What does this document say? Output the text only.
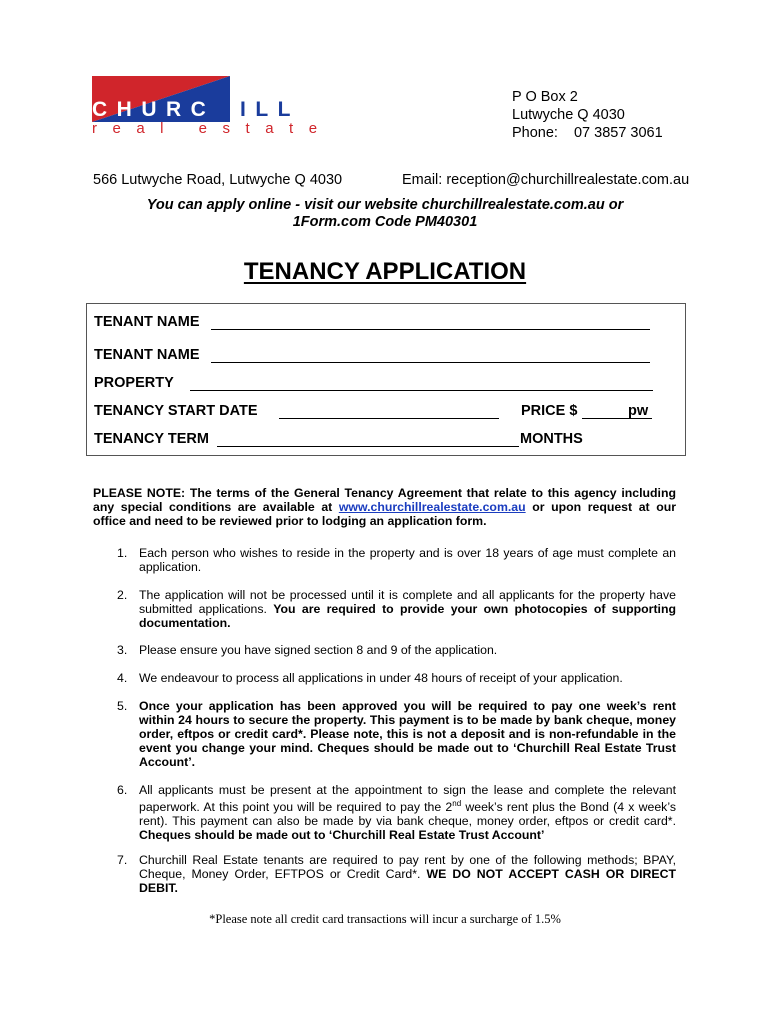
CHURCHILL
real estate
P O Box 2
Lutwyche Q 4030
Phone: 07 3857 3061
566 Lutwyche Road, Lutwyche Q 4030	Email: reception@churchillrealestate.com.au
You can apply online - visit our website churchillrealestate.com.au or
1Form.com Code PM40301
TENANCY APPLICATION
TENANT NAME
TENANT NAME
PROPERTY
TENANCY START DATE	PRICE $	pw
TENANCY TERM	MONTHS
PLEASE NOTE: The terms of the General Tenancy Agreement that relate to this agency including any special conditions are available at www.churchillrealestate.com.au or upon request at our office and need to be reviewed prior to lodging an application form.
1. Each person who wishes to reside in the property and is over 18 years of age must complete an application.
2. The application will not be processed until it is complete and all applicants for the property have submitted applications. You are required to provide your own photocopies of supporting documentation.
3. Please ensure you have signed section 8 and 9 of the application.
4. We endeavour to process all applications in under 48 hours of receipt of your application.
5. Once your application has been approved you will be required to pay one week’s rent within 24 hours to secure the property. This payment is to be made by bank cheque, money order, eftpos or credit card*. Please note, this is not a deposit and is non-refundable in the event you change your mind. Cheques should be made out to ‘Churchill Real Estate Trust Account’.
6. All applicants must be present at the appointment to sign the lease and complete the relevant paperwork. At this point you will be required to pay the 2nd week’s rent plus the Bond (4 x week’s rent). This payment can also be made by via bank cheque, money order, eftpos or credit card*. Cheques should be made out to ‘Churchill Real Estate Trust Account’
7. Churchill Real Estate tenants are required to pay rent by one of the following methods; BPAY, Cheque, Money Order, EFTPOS or Credit Card*. WE DO NOT ACCEPT CASH OR DIRECT DEBIT.
*Please note all credit card transactions will incur a surcharge of 1.5%
